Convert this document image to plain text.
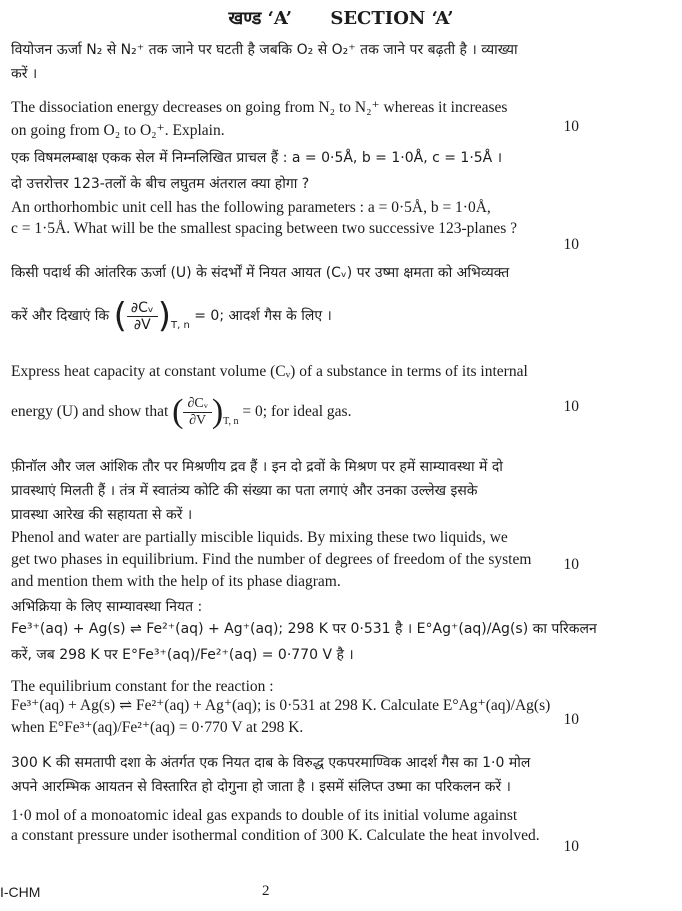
खण्ड ‘A’ SECTION ‘A’
वियोजन ऊर्जा N₂ से N₂⁺ तक जाने पर घटती है जबकि O₂ से O₂⁺ तक जाने पर बढ़ती है । व्याख्या
करें ।
The dissociation energy decreases on going from N₂ to N₂⁺ whereas it increases
on going from O₂ to O₂⁺. Explain.	10
एक विषमलम्बाक्ष एकक सेल में निम्नलिखित प्राचल हैं : a = 0·5Å, b = 1·0Å, c = 1·5Å ।
दो उत्तरोत्तर 123-तलों के बीच लघुतम अंतराल क्या होगा ?
An orthorhombic unit cell has the following parameters : a = 0·5Å, b = 1·0Å,
c = 1·5Å. What will be the smallest spacing between two successive 123-planes ?
10
किसी पदार्थ की आंतरिक ऊर्जा (U) के संदर्भों में नियत आयत (Cᵥ) पर उष्मा क्षमता को अभिव्यक्त
करें और दिखाएं कि ( $\frac{\text{∂Cᵥ}}{\partial V} )_{T, n} = 0$; आदर्श गैस के लिए ।
Express heat capacity at constant volume (Cᵥ) of a substance in terms of its internal
energy (U) and show that ( $\frac{\text{∂Cᵥ}}{\partial V} )_{T, n} = 0$; for ideal gas.	10
फ़ीनॉल और जल आंशिक तौर पर मिश्रणीय द्रव हैं । इन दो द्रवों के मिश्रण पर हमें साम्यावस्था में दो
प्रावस्थाएं मिलती हैं । तंत्र में स्वातंत्र्य कोटि की संख्या का पता लगाएं और उनका उल्लेख इसके
प्रावस्था आरेख की सहायता से करें ।
Phenol and water are partially miscible liquids. By mixing these two liquids, we
get two phases in equilibrium. Find the number of degrees of freedom of the system
and mention them with the help of its phase diagram.
10
अभिक्रिया के लिए साम्यावस्था नियत :
Fe³⁺(aq) + Ag(s) ⇌ Fe²⁺(aq) + Ag⁺(aq); 298 K पर 0·531 है । E°Ag⁺(aq)/Ag(s) का परिकलन
करें, जब 298 K पर E°Fe³⁺(aq)/Fe²⁺(aq) = 0·770 V है ।
The equilibrium constant for the reaction :
Fe³⁺(aq) + Ag(s) ⇌ Fe²⁺(aq) + Ag⁺(aq); is 0·531 at 298 K. Calculate E°Ag⁺(aq)/Ag(s)
when E°Fe³⁺(aq)/Fe²⁺(aq) = 0·770 V at 298 K.	10
300 K की समतापी दशा के अंतर्गत एक नियत दाब के विरुद्ध एकपरमाण्विक आदर्श गैस का 1·0 मोल
अपने आरम्भिक आयतन से विस्तारित हो दोगुना हो जाता है । इसमें संलिप्त उष्मा का परिकलन करें ।
1·0 mol of a monoatomic ideal gas expands to double of its initial volume against
a constant pressure under isothermal condition of 300 K. Calculate the heat involved.
10
I-CHM	2
